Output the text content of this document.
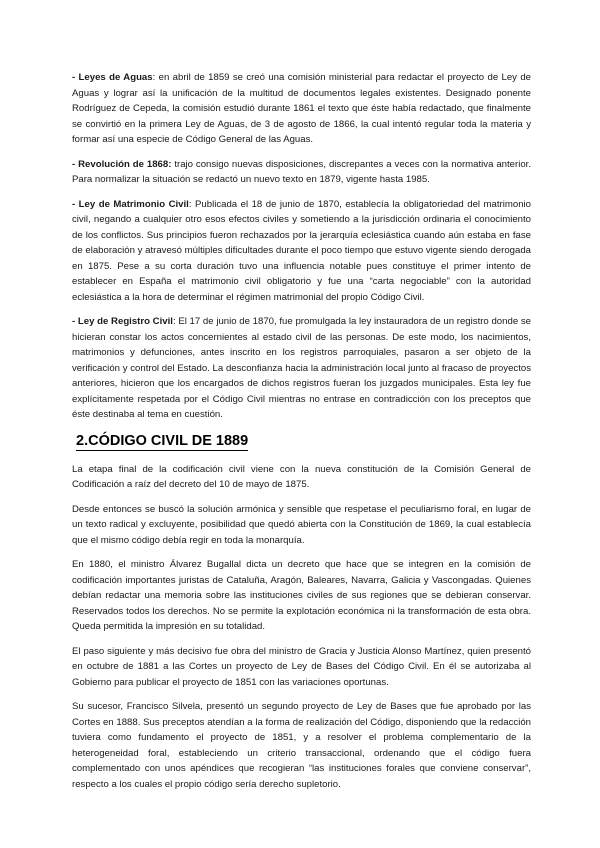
- Leyes de Aguas: en abril de 1859 se creó una comisión ministerial para redactar el proyecto de Ley de Aguas y lograr así la unificación de la multitud de documentos legales existentes. Designado ponente Rodríguez de Cepeda, la comisión estudió durante 1861 el texto que éste había redactado, que finalmente se convirtió en la primera Ley de Aguas, de 3 de agosto de 1866, la cual intentó regular toda la materia y formar así una especie de Código General de las Aguas.

- Revolución de 1868: trajo consigo nuevas disposiciones, discrepantes a veces con la normativa anterior. Para normalizar la situación se redactó un nuevo texto en 1879, vigente hasta 1985.

- Ley de Matrimonio Civil: Publicada el 18 de junio de 1870, establecía la obligatoriedad del matrimonio civil, negando a cualquier otro esos efectos civiles y sometiendo a la jurisdicción ordinaria el conocimiento de los conflictos. Sus principios fueron rechazados por la jerarquía eclesiástica cuando aún estaba en fase de elaboración y atravesó múltiples dificultades durante el poco tiempo que estuvo vigente siendo derogada en 1875. Pese a su corta duración tuvo una influencia notable pues constituye el primer intento de establecer en España el matrimonio civil obligatorio y fue una “carta negociable” con la autoridad eclesiástica a la hora de determinar el régimen matrimonial del propio Código Civil.

- Ley de Registro Civil: El 17 de junio de 1870, fue promulgada la ley instauradora de un registro donde se hicieran constar los actos concernientes al estado civil de las personas. De este modo, los nacimientos, matrimonios y defunciones, antes inscrito en los registros parroquiales, pasaron a ser objeto de la verificación y control del Estado. La desconfianza hacia la administración local junto al fracaso de proyectos anteriores, hicieron que los encargados de dichos registros fueran los juzgados municipales. Esta ley fue explícitamente respetada por el Código Civil mientras no entrase en contradicción con los preceptos que éste destinaba al tema en cuestión.

2.CÓDIGO CIVIL DE 1889

La etapa final de la codificación civil viene con la nueva constitución de la Comisión General de Codificación a raíz del decreto del 10 de mayo de 1875.

Desde entonces se buscó la solución armónica y sensible que respetase el peculiarismo foral, en lugar de un texto radical y excluyente, posibilidad que quedó abierta con la Constitución de 1869, la cual establecía que el mismo código debía regir en toda la monarquía.

En 1880, el ministro Álvarez Bugallal dicta un decreto que hace que se integren en la comisión de codificación importantes juristas de Cataluña, Aragón, Baleares, Navarra, Galicia y Vascongadas. Quienes debían redactar una memoria sobre las instituciones civiles de sus regiones que se debieran conservar. Reservados todos los derechos. No se permite la explotación económica ni la transformación de esta obra. Queda permitida la impresión en su totalidad.

El paso siguiente y más decisivo fue obra del ministro de Gracia y Justicia Alonso Martínez, quien presentó en octubre de 1881 a las Cortes un proyecto de Ley de Bases del Código Civil. En él se autorizaba al Gobierno para publicar el proyecto de 1851 con las variaciones oportunas.

Su sucesor, Francisco Silvela, presentó un segundo proyecto de Ley de Bases que fue aprobado por las Cortes en 1888. Sus preceptos atendían a la forma de realización del Código, disponiendo que la redacción tuviera como fundamento el proyecto de 1851, y a resolver el problema complementario de la heterogeneidad foral, estableciendo un criterio transaccional, ordenando que el código fuera complementado con unos apéndices que recogieran “las instituciones forales que conviene conservar”, respecto a los cuales el propio código sería derecho supletorio.
